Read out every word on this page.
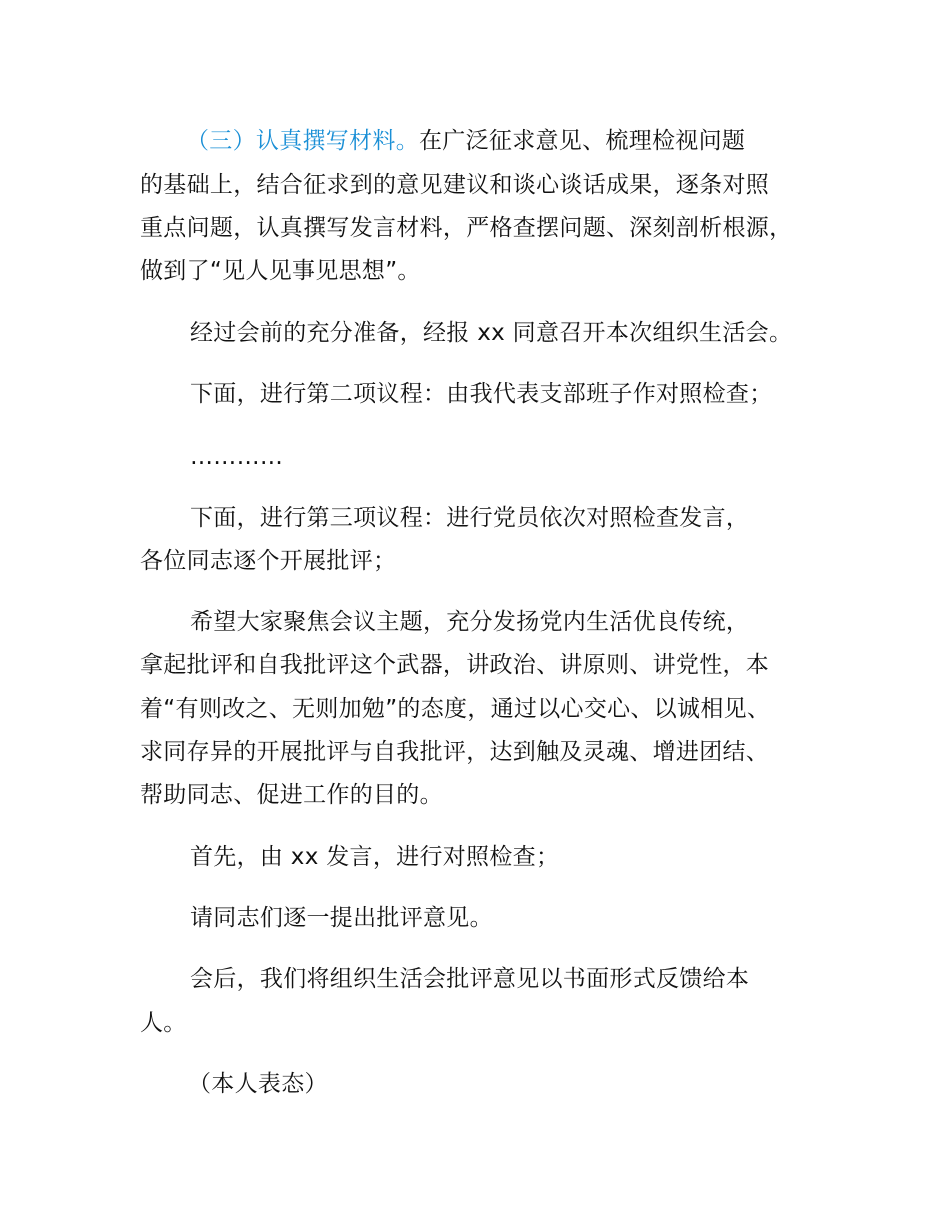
（三）认真撰写材料。在广泛征求意见、梳理检视问题
的基础上，结合征求到的意见建议和谈心谈话成果，逐条对照
重点问题，认真撰写发言材料，严格查摆问题、深刻剖析根源，
做到了“见人见事见思想”。
经过会前的充分准备，经报 xx 同意召开本次组织生活会。
下面，进行第二项议程：由我代表支部班子作对照检查；
…………
下面，进行第三项议程：进行党员依次对照检查发言，
各位同志逐个开展批评；
希望大家聚焦会议主题，充分发扬党内生活优良传统，
拿起批评和自我批评这个武器，讲政治、讲原则、讲党性，本
着“有则改之、无则加勉”的态度，通过以心交心、以诚相见、
求同存异的开展批评与自我批评，达到触及灵魂、增进团结、
帮助同志、促进工作的目的。
首先，由 xx 发言，进行对照检查；
请同志们逐一提出批评意见。
会后，我们将组织生活会批评意见以书面形式反馈给本
人。
（本人表态）
